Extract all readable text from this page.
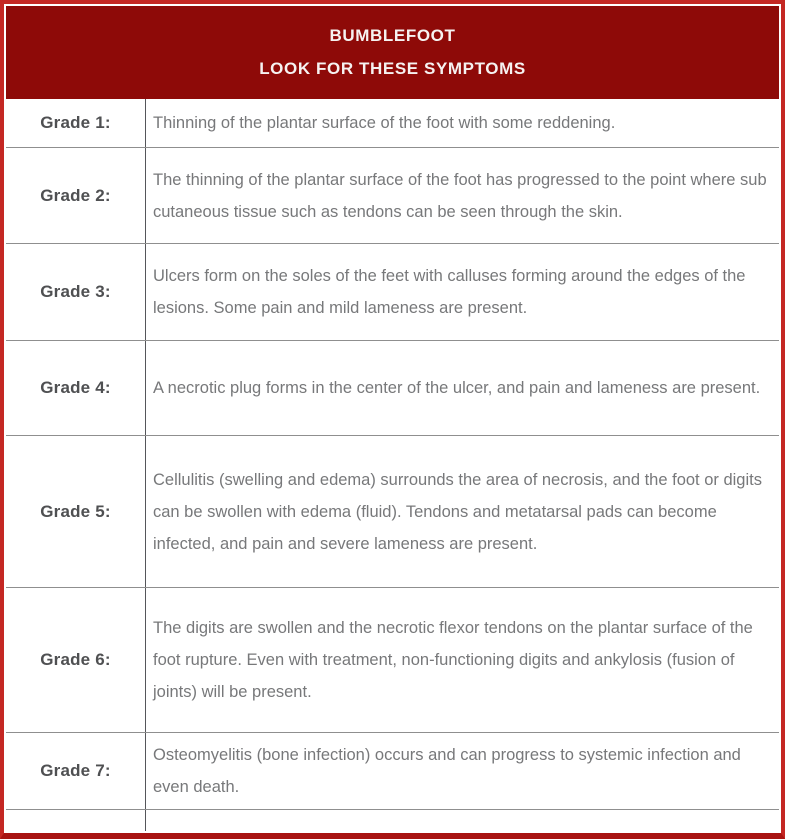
BUMBLEFOOT
LOOK FOR THESE SYMPTOMS
Grade 1:	Thinning of the plantar surface of the foot with some reddening.

Grade 2:

The thinning of the plantar surface of the foot has progressed to the point where sub cutaneous tissue such as tendons can be seen through the skin.

Grade 3:

Ulcers form on the soles of the feet with calluses forming around the edges of the lesions. Some pain and mild lameness are present.

Grade 4:	A necrotic plug forms in the center of the ulcer, and pain and lameness are present.

Grade 5:

Cellulitis (swelling and edema) surrounds the area of necrosis, and the foot or digits can be swollen with edema (fluid). Tendons and metatarsal pads can become infected, and pain and severe lameness are present.

Grade 6:

The digits are swollen and the necrotic flexor tendons on the plantar surface of the foot rupture. Even with treatment, non-functioning digits and ankylosis (fusion of joints) will be present.

Grade 7:

Osteomyelitis (bone infection) occurs and can progress to systemic infection and even death.
